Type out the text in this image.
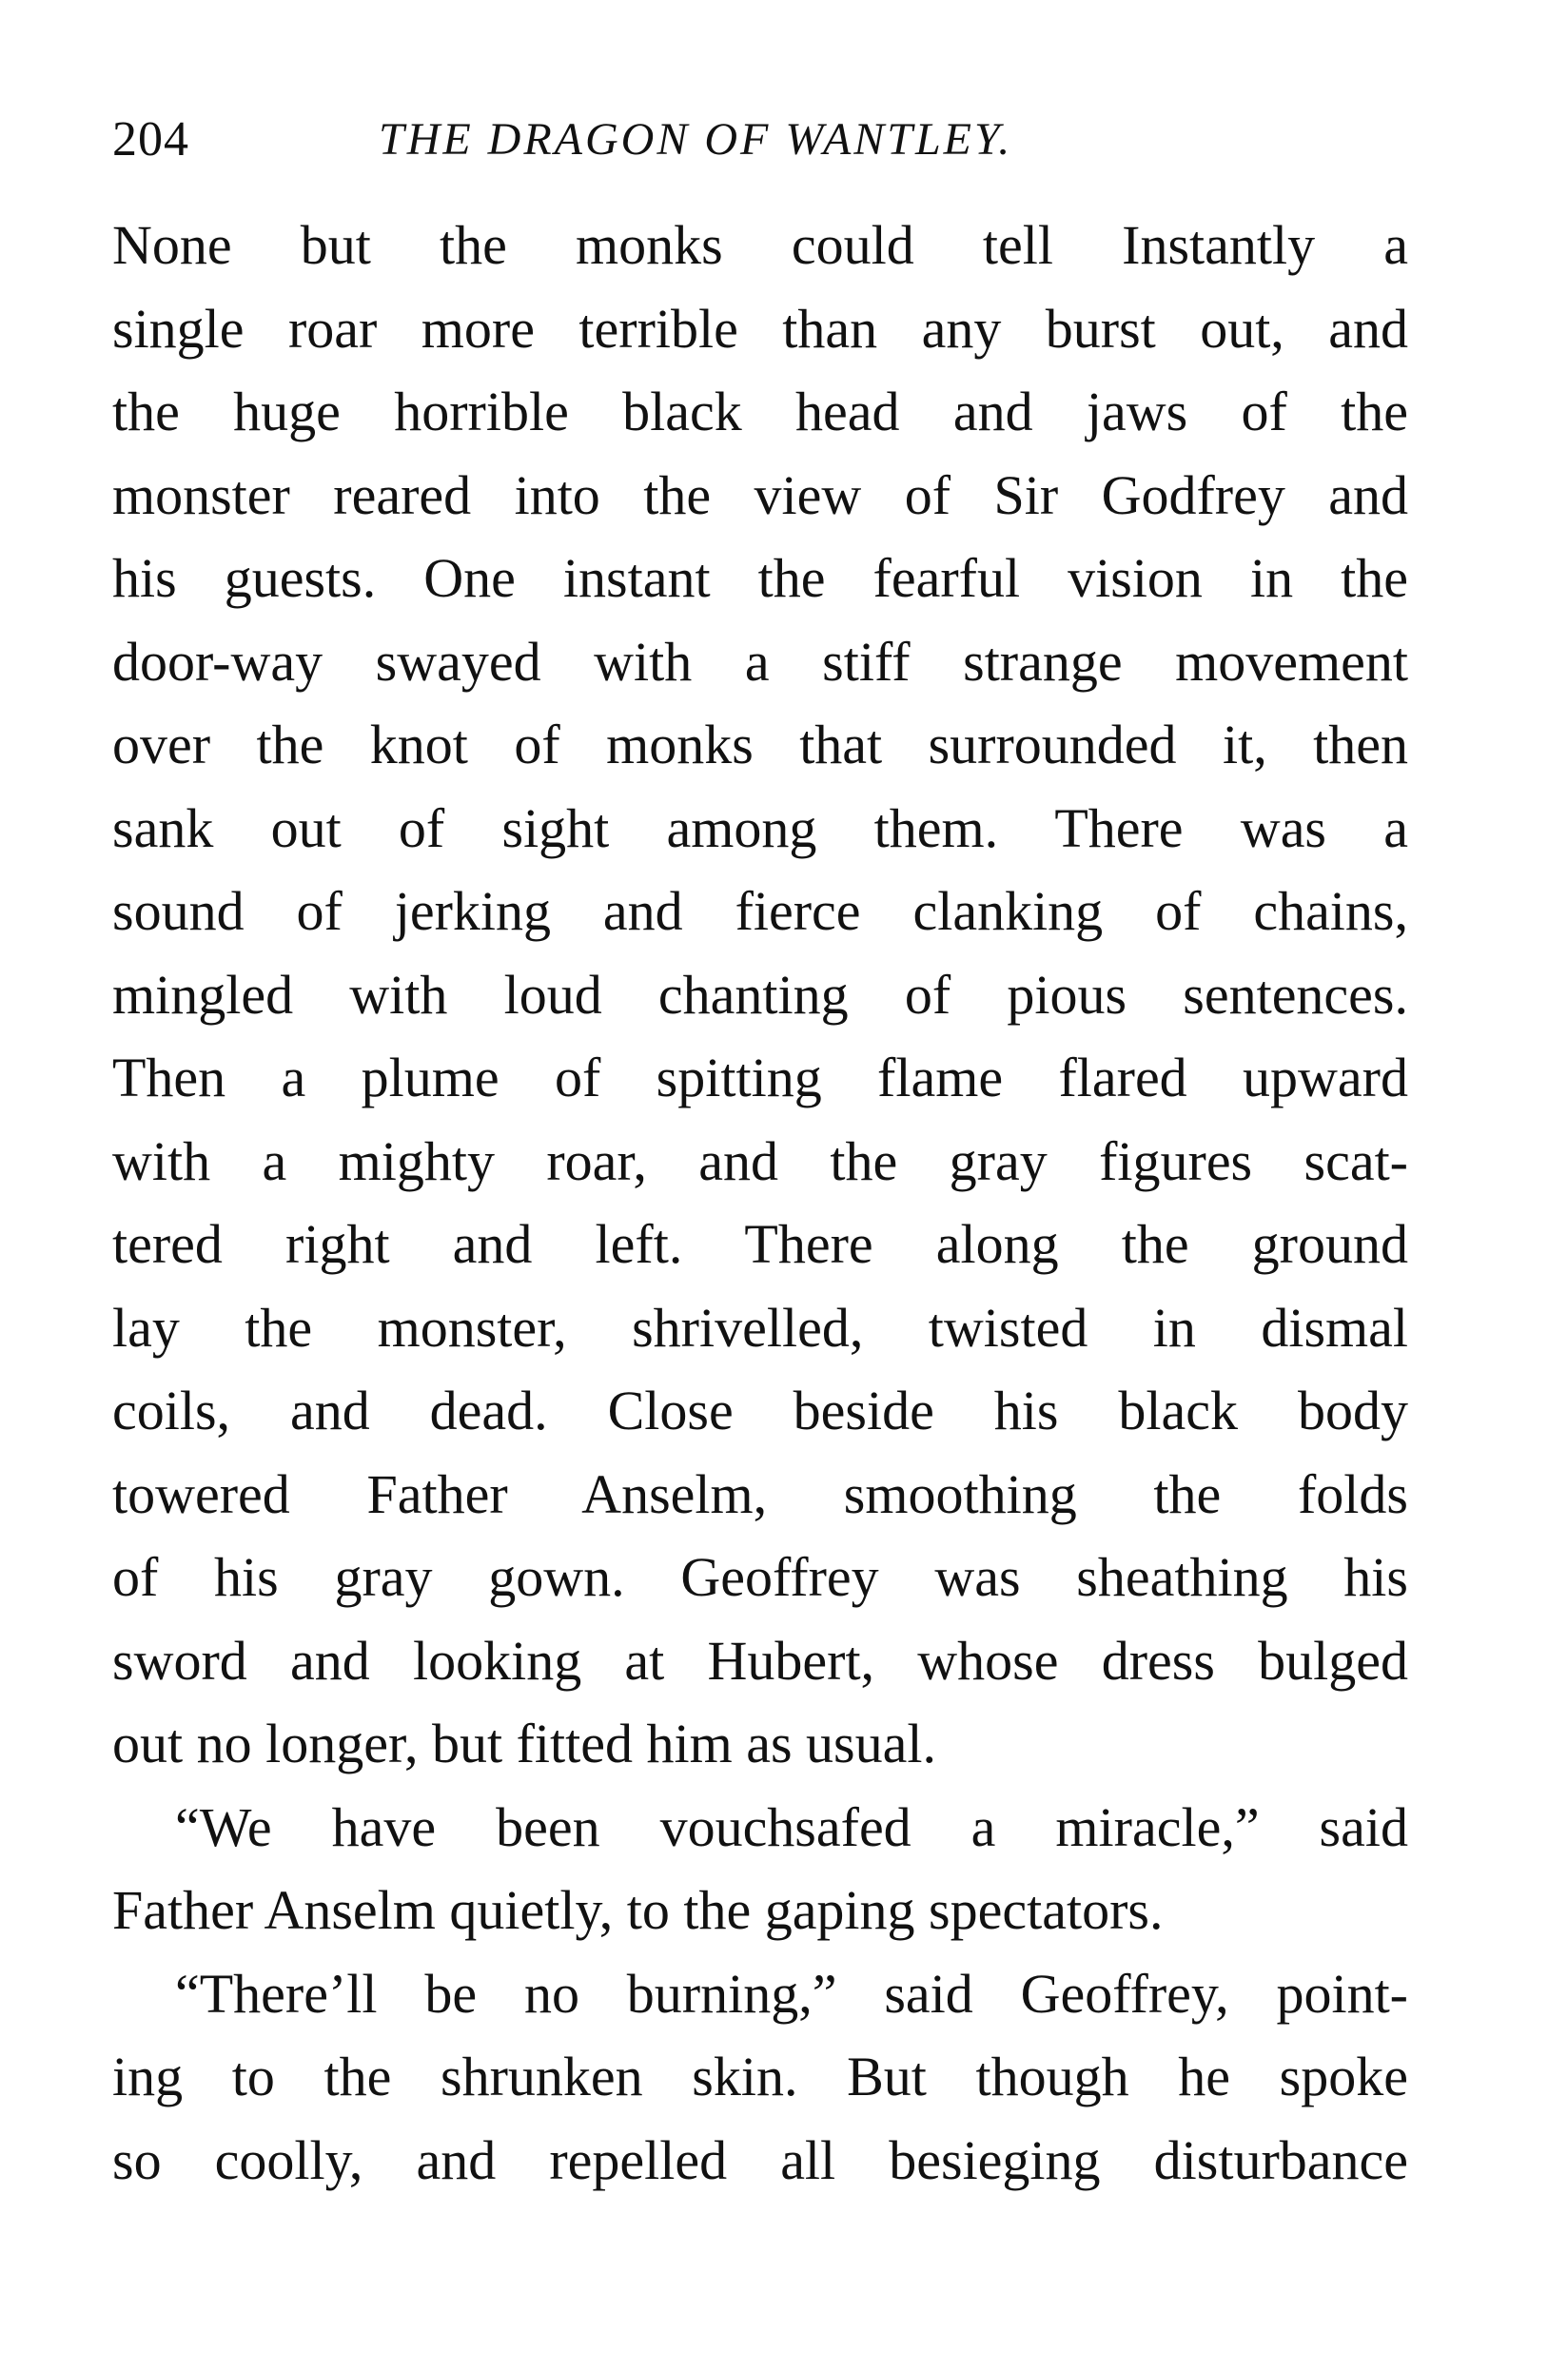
204	THE DRAGON OF WANTLEY.
None but the monks could tell Instantly a
single roar more terrible than any burst out, and
the huge horrible black head and jaws of the
monster reared into the view of Sir Godfrey and
his guests. One instant the fearful vision in the
door-way swayed with a stiff strange movement
over the knot of monks that surrounded it, then
sank out of sight among them. There was a
sound of jerking and fierce clanking of chains,
mingled with loud chanting of pious sentences.
Then a plume of spitting flame flared upward
with a mighty roar, and the gray figures scat-
tered right and left. There along the ground
lay the monster, shrivelled, twisted in dismal
coils, and dead. Close beside his black body
towered Father Anselm, smoothing the folds
of his gray gown. Geoffrey was sheathing his
sword and looking at Hubert, whose dress bulged
out no longer, but fitted him as usual.
“We have been vouchsafed a miracle,” said
Father Anselm quietly, to the gaping spectators.
“There’ll be no burning,” said Geoffrey, point-
ing to the shrunken skin. But though he spoke
so coolly, and repelled all besieging disturbance
